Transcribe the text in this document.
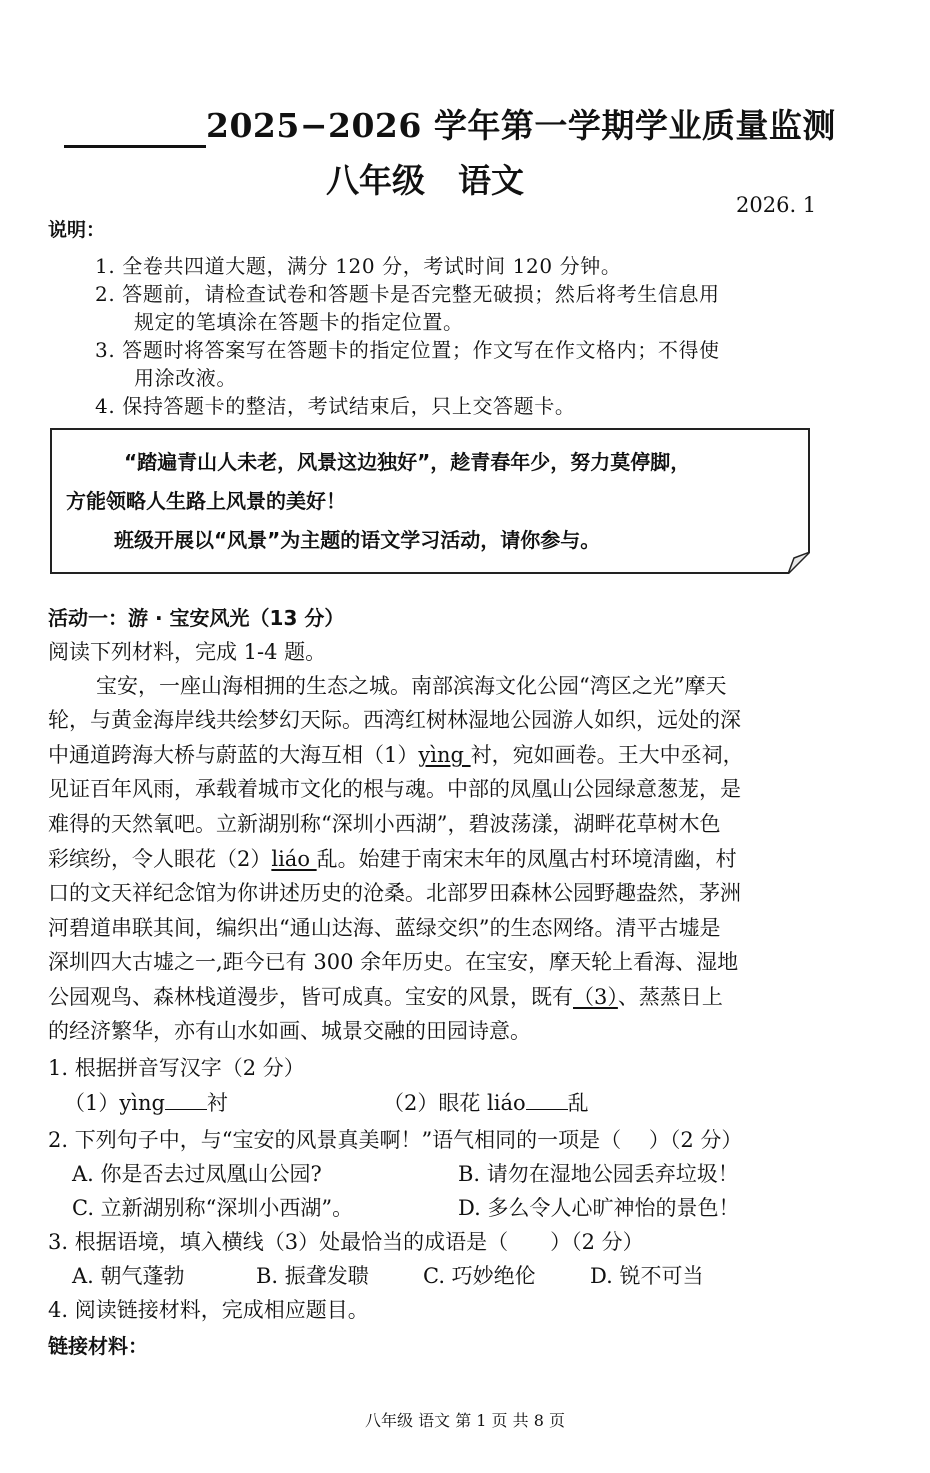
2025−2026 学年第一学期学业质量监测
八年级　语文
2026. 1
说明：
1. 全卷共四道大题，满分 120 分，考试时间 120 分钟。
2. 答题前，请检查试卷和答题卡是否完整无破损；然后将考生信息用
规定的笔填涂在答题卡的指定位置。
3. 答题时将答案写在答题卡的指定位置；作文写在作文格内；不得使
用涂改液。
4. 保持答题卡的整洁，考试结束后，只上交答题卡。
“踏遍青山人未老，风景这边独好”，趁青春年少，努力莫停脚，
方能领略人生路上风景的美好！
班级开展以“风景”为主题的语文学习活动，请你参与。
活动一：游 · 宝安风光（13 分）
阅读下列材料，完成 1-4 题。
宝安，一座山海相拥的生态之城。南部滨海文化公园“湾区之光”摩天
轮，与黄金海岸线共绘梦幻天际。西湾红树林湿地公园游人如织，远处的深
中通道跨海大桥与蔚蓝的大海互相（1）yìng 衬，宛如画卷。王大中丞祠，
见证百年风雨，承载着城市文化的根与魂。中部的凤凰山公园绿意葱茏，是
难得的天然氧吧。立新湖别称“深圳小西湖”，碧波荡漾，湖畔花草树木色
彩缤纷，令人眼花（2）liáo 乱。始建于南宋末年的凤凰古村环境清幽，村
口的文天祥纪念馆为你讲述历史的沧桑。北部罗田森林公园野趣盎然，茅洲
河碧道串联其间，编织出“通山达海、蓝绿交织”的生态网络。清平古墟是
深圳四大古墟之一,距今已有 300 余年历史。在宝安，摩天轮上看海、湿地
公园观鸟、森林栈道漫步，皆可成真。宝安的风景，既有（3）、蒸蒸日上
的经济繁华，亦有山水如画、城景交融的田园诗意。
1. 根据拼音写汉字（2 分）
（1）yìng 衬	（2）眼花 liáo 乱
2. 下列句子中，与“宝安的风景真美啊！”语气相同的一项是（　 ）（2 分）
A. 你是否去过凤凰山公园?	B. 请勿在湿地公园丢弃垃圾！
C. 立新湖别称“深圳小西湖”。	D. 多么令人心旷神怡的景色！
3. 根据语境，填入横线（3）处最恰当的成语是（　　）（2 分）
A. 朝气蓬勃	B. 振聋发聩	C. 巧妙绝伦	D. 锐不可当
4. 阅读链接材料，完成相应题目。
链接材料：
八年级 语文 第 1 页 共 8 页
